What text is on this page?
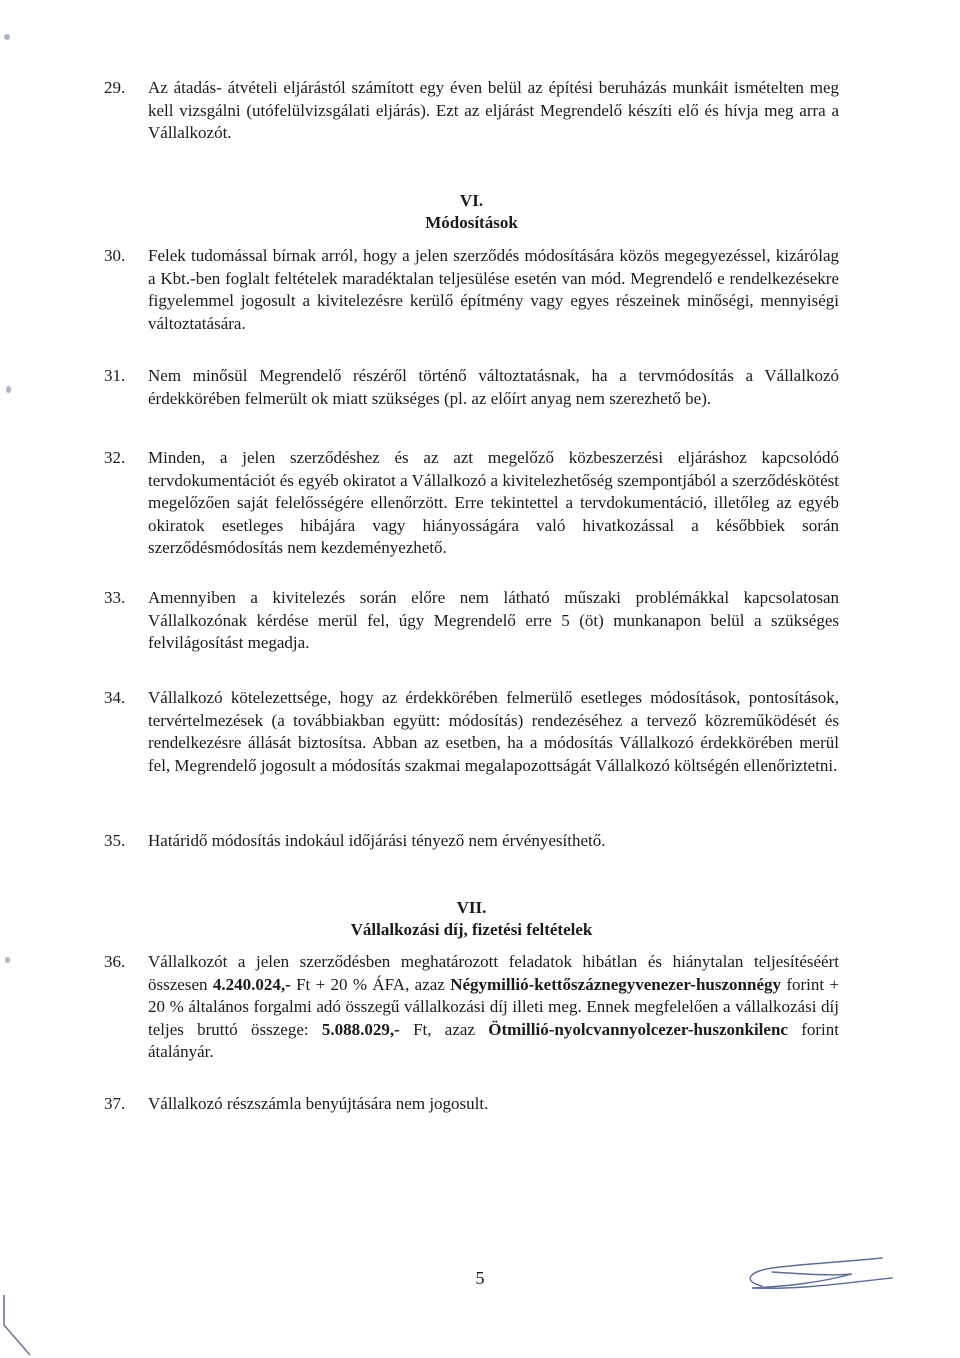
29.	Az átadás- átvételi eljárástól számított egy éven belül az építési beruházás munkáit ismételten meg kell vizsgálni (utófelülvizsgálati eljárás). Ezt az eljárást Megrendelő készíti elő és hívja meg arra a Vállalkozót.
VI.
Módosítások
30.	Felek tudomással bírnak arról, hogy a jelen szerződés módosítására közös megegyezéssel, kizárólag a Kbt.-ben foglalt feltételek maradéktalan teljesülése esetén van mód. Megrendelő e rendelkezésekre figyelemmel jogosult a kivitelezésre kerülő építmény vagy egyes részeinek minőségi, mennyiségi változtatására.
31.	Nem minősül Megrendelő részéről történő változtatásnak, ha a tervmódosítás a Vállalkozó érdekkörében felmerült ok miatt szükséges (pl. az előírt anyag nem szerezhető be).
32.	Minden, a jelen szerződéshez és az azt megelőző közbeszerzési eljáráshoz kapcsolódó tervdokumentációt és egyéb okiratot a Vállalkozó a kivitelezhetőség szempontjából a szerződéskötést megelőzően saját felelősségére ellenőrzött. Erre tekintettel a tervdokumentáció, illetőleg az egyéb okiratok esetleges hibájára vagy hiányosságára való hivatkozással a későbbiek során szerződésmódosítás nem kezdeményezhető.
33.	Amennyiben a kivitelezés során előre nem látható műszaki problémákkal kapcsolatosan Vállalkozónak kérdése merül fel, úgy Megrendelő erre 5 (öt) munkanapon belül a szükséges felvilágosítást megadja.
34.	Vállalkozó kötelezettsége, hogy az érdekkörében felmerülő esetleges módosítások, pontosítások, tervértelmezések (a továbbiakban együtt: módosítás) rendezéséhez a tervező közreműködését és rendelkezésre állását biztosítsa. Abban az esetben, ha a módosítás Vállalkozó érdekkörében merül fel, Megrendelő jogosult a módosítás szakmai megalapozottságát Vállalkozó költségén ellenőriztetni.
35.	Határidő módosítás indokául időjárási tényező nem érvényesíthető.
VII.
Vállalkozási díj, fizetési feltételek
36.	Vállalkozót a jelen szerződésben meghatározott feladatok hibátlan és hiánytalan teljesítéséért összesen 4.240.024,- Ft + 20 % ÁFA, azaz Négymillió-kettőszáznegyvenezer-huszonnégy forint + 20 % általános forgalmi adó összegű vállalkozási díj illeti meg. Ennek megfelelően a vállalkozási díj teljes bruttó összege: 5.088.029,- Ft, azaz Ötmillió-nyolcvannyolcezer-huszonkilenc forint átalányár.
37.	Vállalkozó részszámla benyújtására nem jogosult.
5
